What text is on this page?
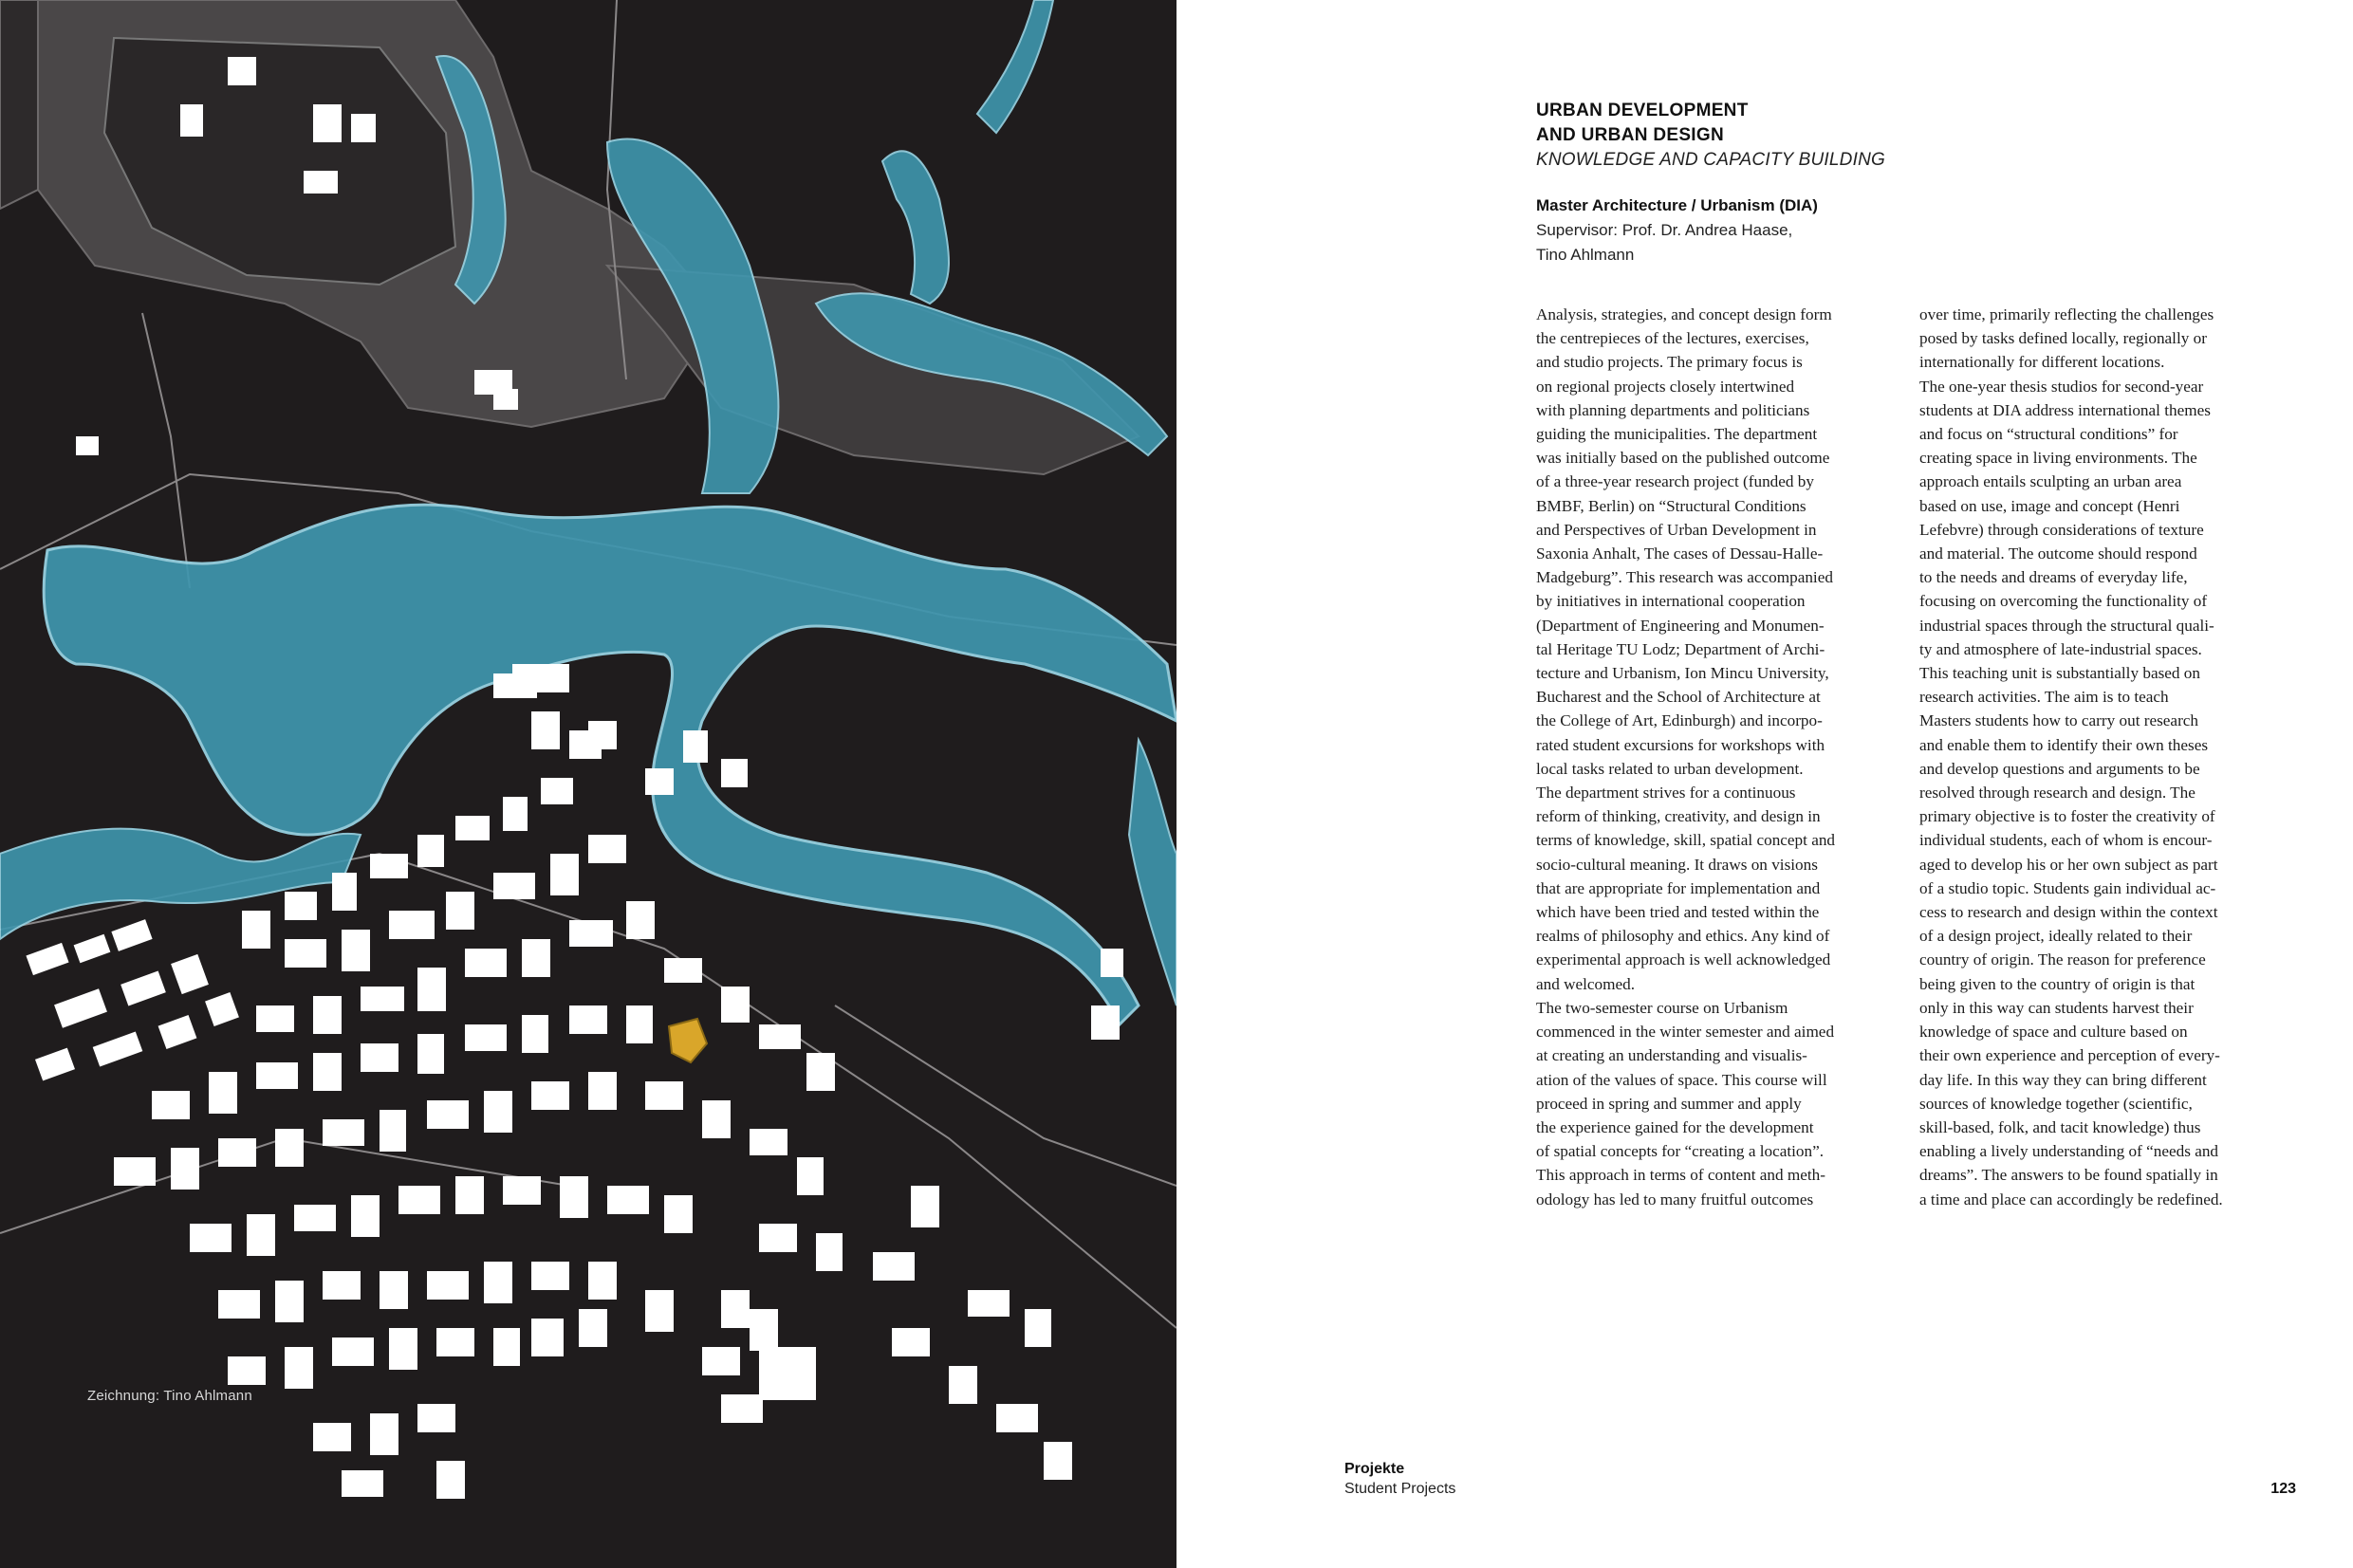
Zeichnung: Tino Ahlmann
URBAN DEVELOPMENT
AND URBAN DESIGN
KNOWLEDGE AND CAPACITY BUILDING
Master Architecture / Urbanism (DIA)
Supervisor: Prof. Dr. Andrea Haase,
Tino Ahlmann
Analysis, strategies, and concept design form
the centrepieces of the lectures, exercises,
and studio projects. The primary focus is
on regional projects closely intertwined
with planning departments and politicians
guiding the municipalities. The department
was initially based on the published outcome
of a three-year research project (funded by
BMBF, Berlin) on “Structural Conditions
and Perspectives of Urban Development in
Saxonia Anhalt, The cases of Dessau-Halle-
Madgeburg”. This research was accompanied
by initiatives in international cooperation
(Department of Engineering and Monumen-
tal Heritage TU Lodz; Department of Archi-
tecture and Urbanism, Ion Mincu University,
Bucharest and the School of Architecture at
the College of Art, Edinburgh) and incorpo-
rated student excursions for workshops with
local tasks related to urban development.
The department strives for a continuous
reform of thinking, creativity, and design in
terms of knowledge, skill, spatial concept and
socio-cultural meaning. It draws on visions
that are appropriate for implementation and
which have been tried and tested within the
realms of philosophy and ethics. Any kind of
experimental approach is well acknowledged
and welcomed.
The two-semester course on Urbanism
commenced in the winter semester and aimed
at creating an understanding and visualis-
ation of the values of space. This course will
proceed in spring and summer and apply
the experience gained for the development
of spatial concepts for “creating a location”.
This approach in terms of content and meth-
odology has led to many fruitful outcomes
over time, primarily reflecting the challenges
posed by tasks defined locally, regionally or
internationally for different locations.
The one-year thesis studios for second-year
students at DIA address international themes
and focus on “structural conditions” for
creating space in living environments. The
approach entails sculpting an urban area
based on use, image and concept (Henri
Lefebvre) through considerations of texture
and material. The outcome should respond
to the needs and dreams of everyday life,
focusing on overcoming the functionality of
industrial spaces through the structural quali-
ty and atmosphere of late-industrial spaces.
This teaching unit is substantially based on
research activities. The aim is to teach
Masters students how to carry out research
and enable them to identify their own theses
and develop questions and arguments to be
resolved through research and design. The
primary objective is to foster the creativity of
individual students, each of whom is encour-
aged to develop his or her own subject as part
of a studio topic. Students gain individual ac-
cess to research and design within the context
of a design project, ideally related to their
country of origin. The reason for preference
being given to the country of origin is that
only in this way can students harvest their
knowledge of space and culture based on
their own experience and perception of every-
day life. In this way they can bring different
sources of knowledge together (scientific,
skill-based, folk, and tacit knowledge) thus
enabling a lively understanding of “needs and
dreams”. The answers to be found spatially in
a time and place can accordingly be redefined.
Projekte
Student Projects	123
